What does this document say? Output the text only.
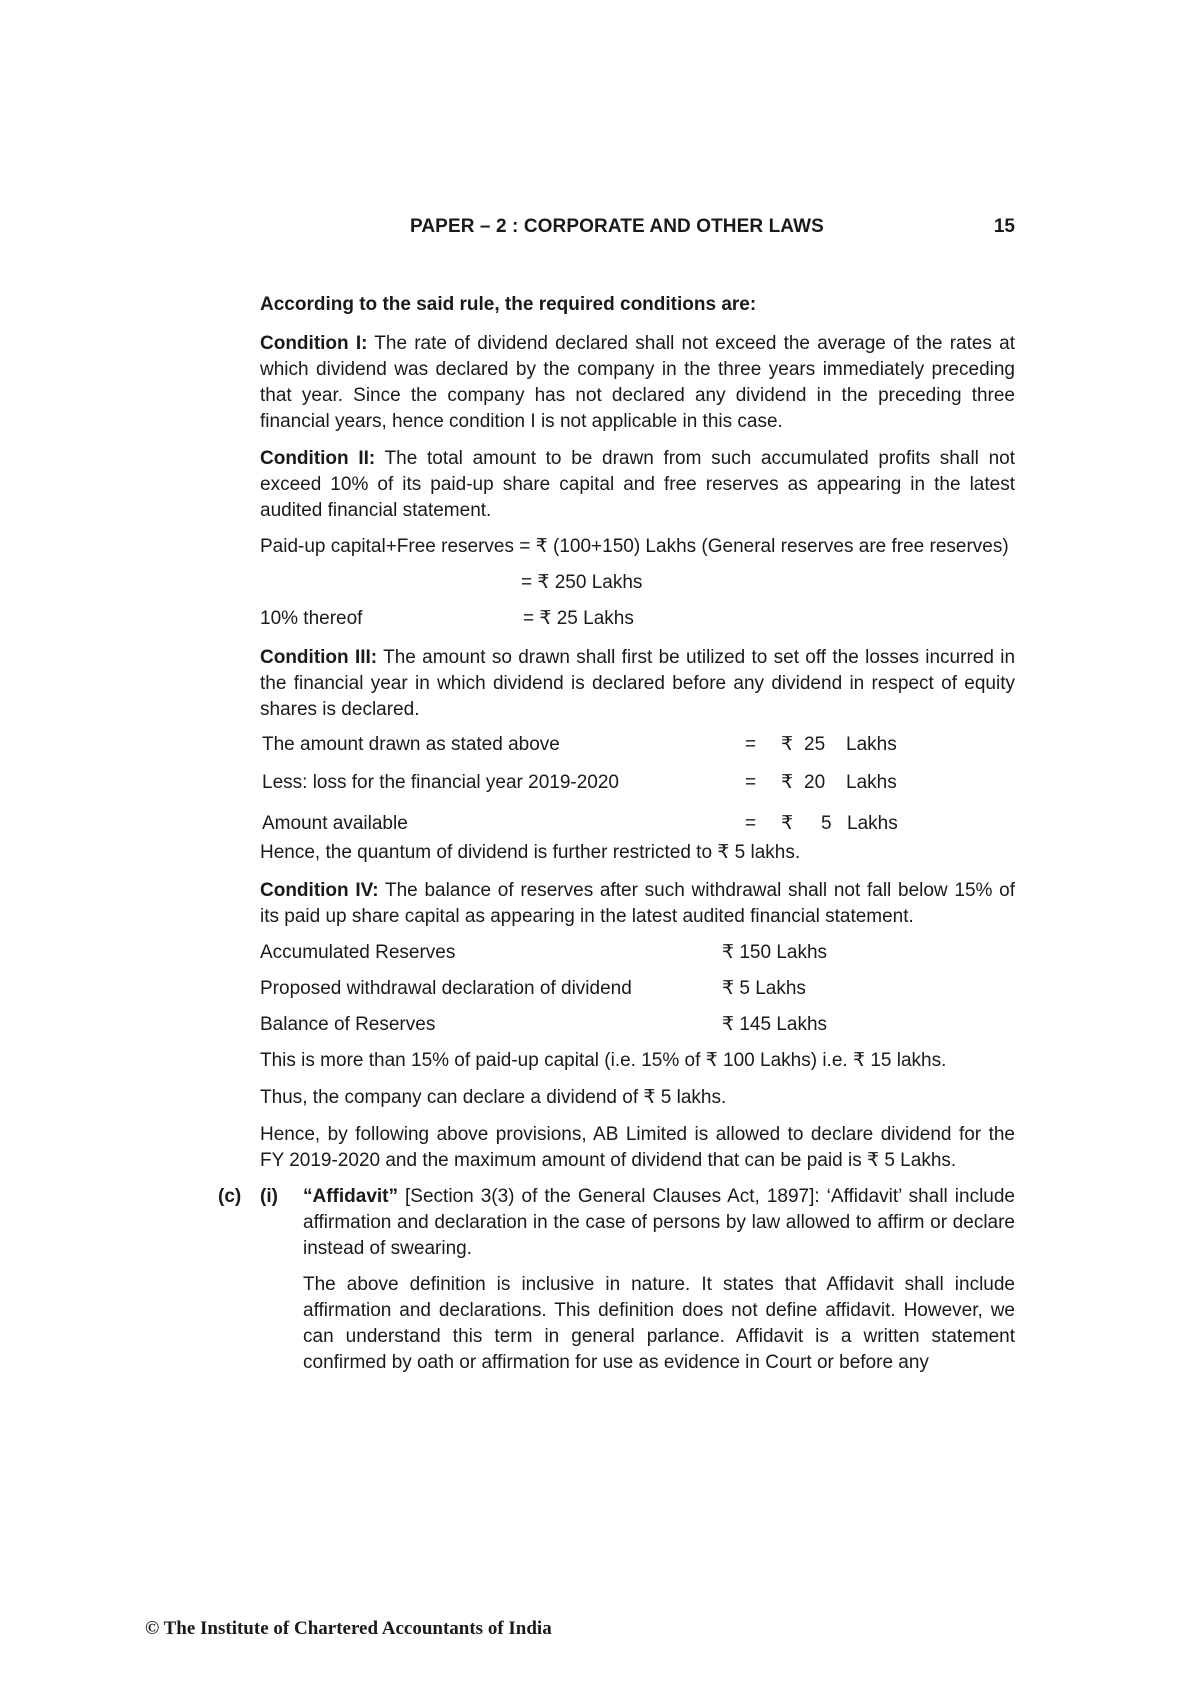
PAPER – 2 : CORPORATE AND OTHER LAWS	15
According to the said rule, the required conditions are:
Condition I: The rate of dividend declared shall not exceed the average of the rates at which dividend was declared by the company in the three years immediately preceding that year. Since the company has not declared any dividend in the preceding three financial years, hence condition I is not applicable in this case.
Condition II: The total amount to be drawn from such accumulated profits shall not exceed 10% of its paid-up share capital and free reserves as appearing in the latest audited financial statement.
Paid-up capital+Free reserves = ₹ (100+150) Lakhs (General reserves are free reserves)
= ₹ 250 Lakhs
10% thereof	= ₹ 25 Lakhs
Condition III: The amount so drawn shall first be utilized to set off the losses incurred in the financial year in which dividend is declared before any dividend in respect of equity shares is declared.
The amount drawn as stated above	= ₹ 25 Lakhs
Less: loss for the financial year 2019-2020	= ₹ 20 Lakhs
Amount available	= ₹ 5 Lakhs
Hence, the quantum of dividend is further restricted to ₹ 5 lakhs.
Condition IV: The balance of reserves after such withdrawal shall not fall below 15% of its paid up share capital as appearing in the latest audited financial statement.
Accumulated Reserves	₹ 150 Lakhs
Proposed withdrawal declaration of dividend	₹ 5 Lakhs
Balance of Reserves	₹ 145 Lakhs
This is more than 15% of paid-up capital (i.e. 15% of ₹ 100 Lakhs) i.e. ₹ 15 lakhs.
Thus, the company can declare a dividend of ₹ 5 lakhs.
Hence, by following above provisions, AB Limited is allowed to declare dividend for the FY 2019-2020 and the maximum amount of dividend that can be paid is ₹ 5 Lakhs.
(c) (i) “Affidavit” [Section 3(3) of the General Clauses Act, 1897]: ‘Affidavit’ shall include affirmation and declaration in the case of persons by law allowed to affirm or declare instead of swearing.
The above definition is inclusive in nature. It states that Affidavit shall include affirmation and declarations. This definition does not define affidavit. However, we can understand this term in general parlance. Affidavit is a written statement confirmed by oath or affirmation for use as evidence in Court or before any
© The Institute of Chartered Accountants of India
